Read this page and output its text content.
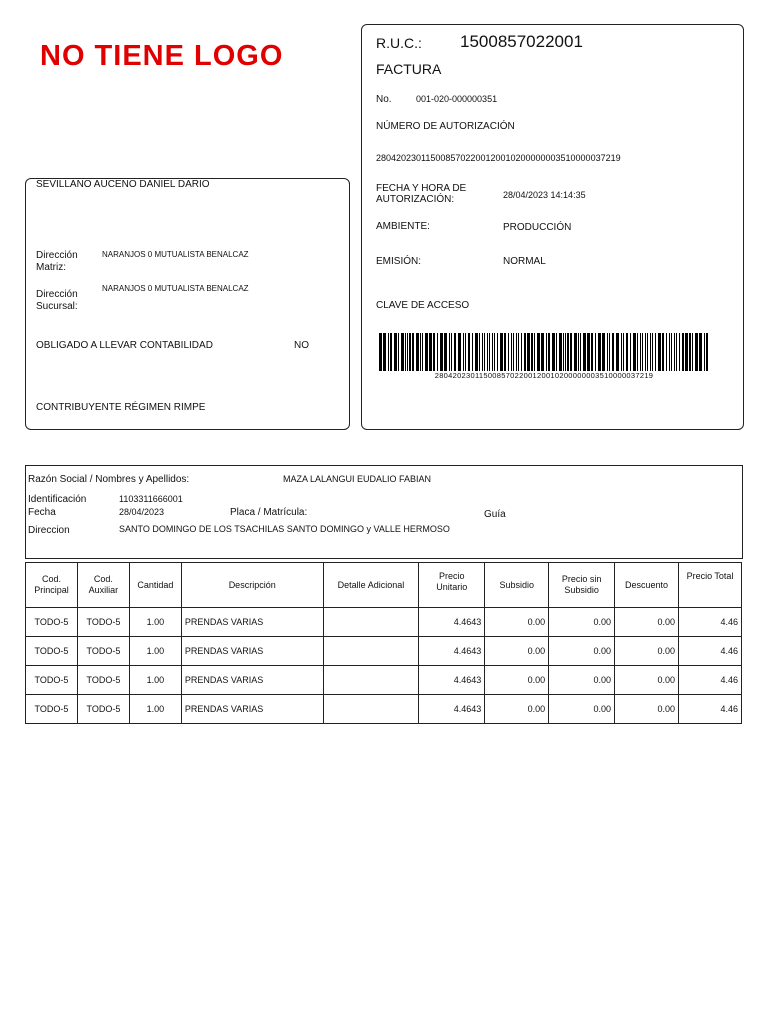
NO TIENE LOGO
SEVILLANO AUCENO DANIEL DARIO
Dirección Matriz:
NARANJOS 0 MUTUALISTA BENALCAZ
Dirección Sucursal:
NARANJOS 0 MUTUALISTA BENALCAZ
OBLIGADO A LLEVAR CONTABILIDAD	NO
CONTRIBUYENTE RÉGIMEN RIMPE
R.U.C.: 1500857022001
FACTURA
No.	001-020-000000351
NÚMERO DE AUTORIZACIÓN
2804202301150085702200120010200000003510000037219
FECHA Y HORA DE AUTORIZACIÓN:	28/04/2023 14:14:35
AMBIENTE:	PRODUCCIÓN
EMISIÓN:	NORMAL
CLAVE DE ACCESO
2804202301150085702200120010200000003510000037219
Razón Social / Nombres y Apellidos:	MAZA LALANGUI EUDALIO FABIAN
Identificación	1103311666001
Fecha	28/04/2023	Placa / Matrícula:	Guía
Direccion	SANTO DOMINGO DE LOS TSACHILAS SANTO DOMINGO y VALLE HERMOSO
Cod. Principal	Cod. Auxiliar	Cantidad	Descripción	Detalle Adicional	Precio Unitario	Subsidio	Precio sin Subsidio	Descuento	Precio Total
TODO-5	TODO-5	1.00	PRENDAS VARIAS		4.4643	0.00	0.00	0.00	4.46
TODO-5	TODO-5	1.00	PRENDAS VARIAS		4.4643	0.00	0.00	0.00	4.46
TODO-5	TODO-5	1.00	PRENDAS VARIAS		4.4643	0.00	0.00	0.00	4.46
TODO-5	TODO-5	1.00	PRENDAS VARIAS		4.4643	0.00	0.00	0.00	4.46
